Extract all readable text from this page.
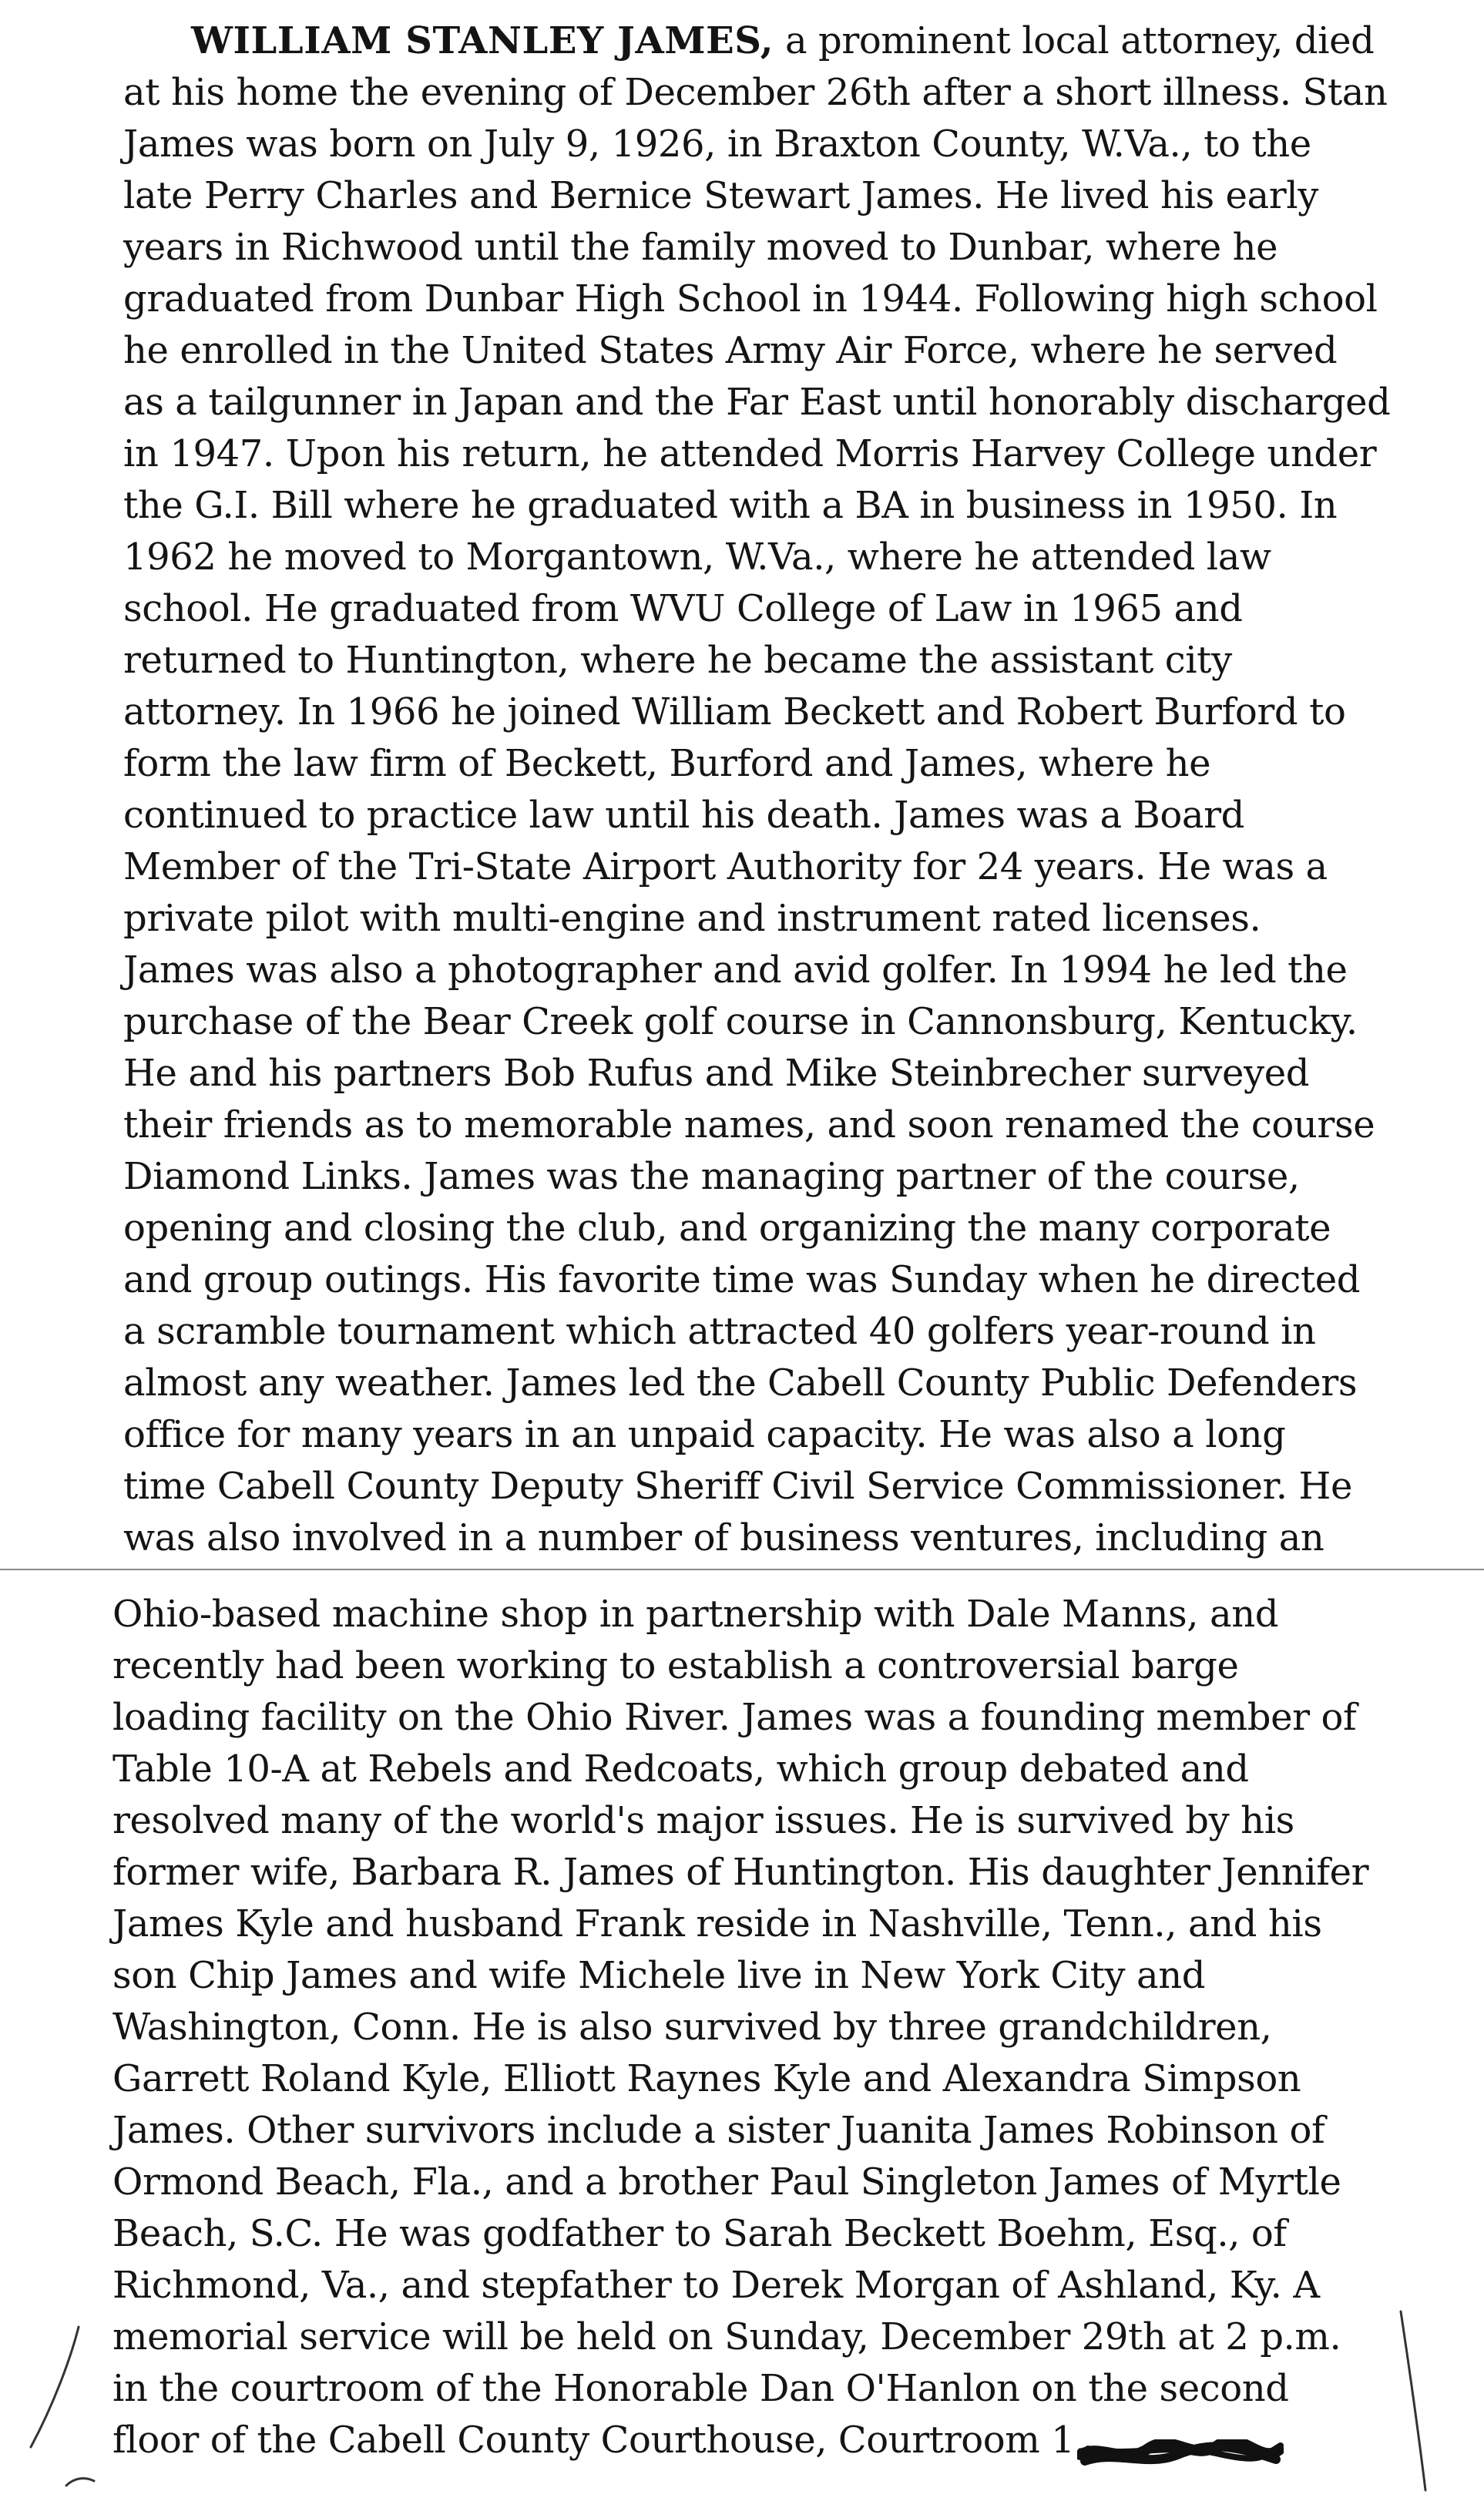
WILLIAM STANLEY JAMES, a prominent local attorney, died
at his home the evening of December 26th after a short illness. Stan
James was born on July 9, 1926, in Braxton County, W.Va., to the
late Perry Charles and Bernice Stewart James. He lived his early
years in Richwood until the family moved to Dunbar, where he
graduated from Dunbar High School in 1944. Following high school
he enrolled in the United States Army Air Force, where he served
as a tailgunner in Japan and the Far East until honorably discharged
in 1947. Upon his return, he attended Morris Harvey College under
the G.I. Bill where he graduated with a BA in business in 1950. In
1962 he moved to Morgantown, W.Va., where he attended law
school. He graduated from WVU College of Law in 1965 and
returned to Huntington, where he became the assistant city
attorney. In 1966 he joined William Beckett and Robert Burford to
form the law firm of Beckett, Burford and James, where he
continued to practice law until his death. James was a Board
Member of the Tri-State Airport Authority for 24 years. He was a
private pilot with multi-engine and instrument rated licenses.
James was also a photographer and avid golfer. In 1994 he led the
purchase of the Bear Creek golf course in Cannonsburg, Kentucky.
He and his partners Bob Rufus and Mike Steinbrecher surveyed
their friends as to memorable names, and soon renamed the course
Diamond Links. James was the managing partner of the course,
opening and closing the club, and organizing the many corporate
and group outings. His favorite time was Sunday when he directed
a scramble tournament which attracted 40 golfers year-round in
almost any weather. James led the Cabell County Public Defenders
office for many years in an unpaid capacity. He was also a long
time Cabell County Deputy Sheriff Civil Service Commissioner. He
was also involved in a number of business ventures, including an
Ohio-based machine shop in partnership with Dale Manns, and
recently had been working to establish a controversial barge
loading facility on the Ohio River. James was a founding member of
Table 10-A at Rebels and Redcoats, which group debated and
resolved many of the world's major issues. He is survived by his
former wife, Barbara R. James of Huntington. His daughter Jennifer
James Kyle and husband Frank reside in Nashville, Tenn., and his
son Chip James and wife Michele live in New York City and
Washington, Conn. He is also survived by three grandchildren,
Garrett Roland Kyle, Elliott Raynes Kyle and Alexandra Simpson
James. Other survivors include a sister Juanita James Robinson of
Ormond Beach, Fla., and a brother Paul Singleton James of Myrtle
Beach, S.C. He was godfather to Sarah Beckett Boehm, Esq., of
Richmond, Va., and stepfather to Derek Morgan of Ashland, Ky. A
memorial service will be held on Sunday, December 29th at 2 p.m.
in the courtroom of the Honorable Dan O'Hanlon on the second
floor of the Cabell County Courthouse, Courtroom 1.
